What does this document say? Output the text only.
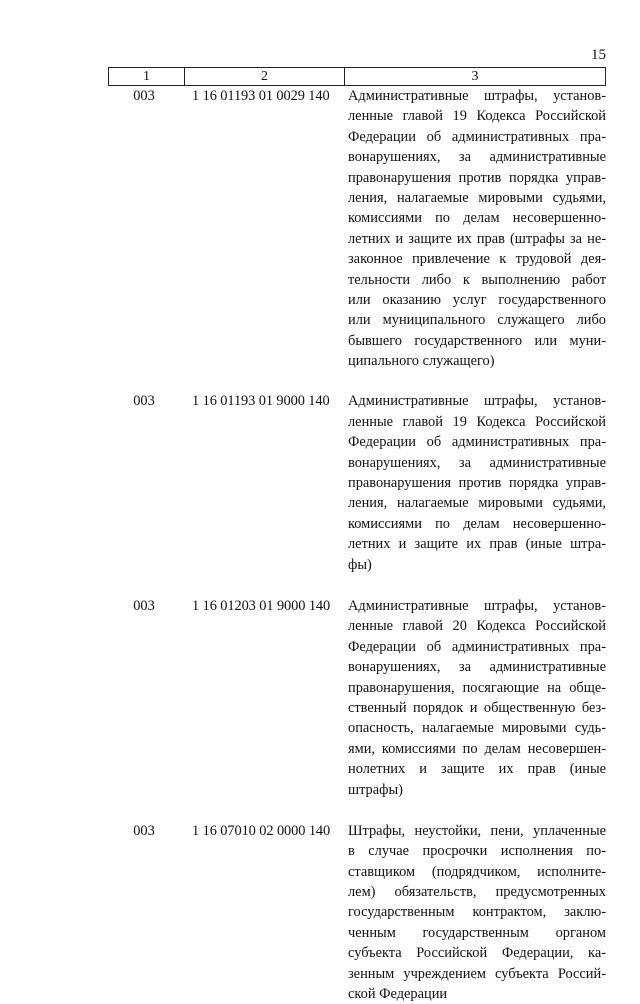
15
1	2	3
003	1 16 01193 01 0029 140	Административные штрафы, установ-
ленные главой 19 Кодекса Российской
Федерации об административных пра-
вонарушениях, за административные
правонарушения против порядка управ-
ления, налагаемые мировыми судьями,
комиссиями по делам несовершенно-
летних и защите их прав (штрафы за не-
законное привлечение к трудовой дея-
тельности либо к выполнению работ
или оказанию услуг государственного
или муниципального служащего либо
бывшего государственного или муни-
ципального служащего)
003	1 16 01193 01 9000 140	Административные штрафы, установ-
ленные главой 19 Кодекса Российской
Федерации об административных пра-
вонарушениях, за административные
правонарушения против порядка управ-
ления, налагаемые мировыми судьями,
комиссиями по делам несовершенно-
летних и защите их прав (иные штра-
фы)
003	1 16 01203 01 9000 140	Административные штрафы, установ-
ленные главой 20 Кодекса Российской
Федерации об административных пра-
вонарушениях, за административные
правонарушения, посягающие на обще-
ственный порядок и общественную без-
опасность, налагаемые мировыми судь-
ями, комиссиями по делам несовершен-
нолетних и защите их прав (иные
штрафы)
003	1 16 07010 02 0000 140	Штрафы, неустойки, пени, уплаченные
в случае просрочки исполнения по-
ставщиком (подрядчиком, исполните-
лем) обязательств, предусмотренных
государственным контрактом, заклю-
ченным государственным органом
субъекта Российской Федерации, ка-
зенным учреждением субъекта Россий-
ской Федерации
